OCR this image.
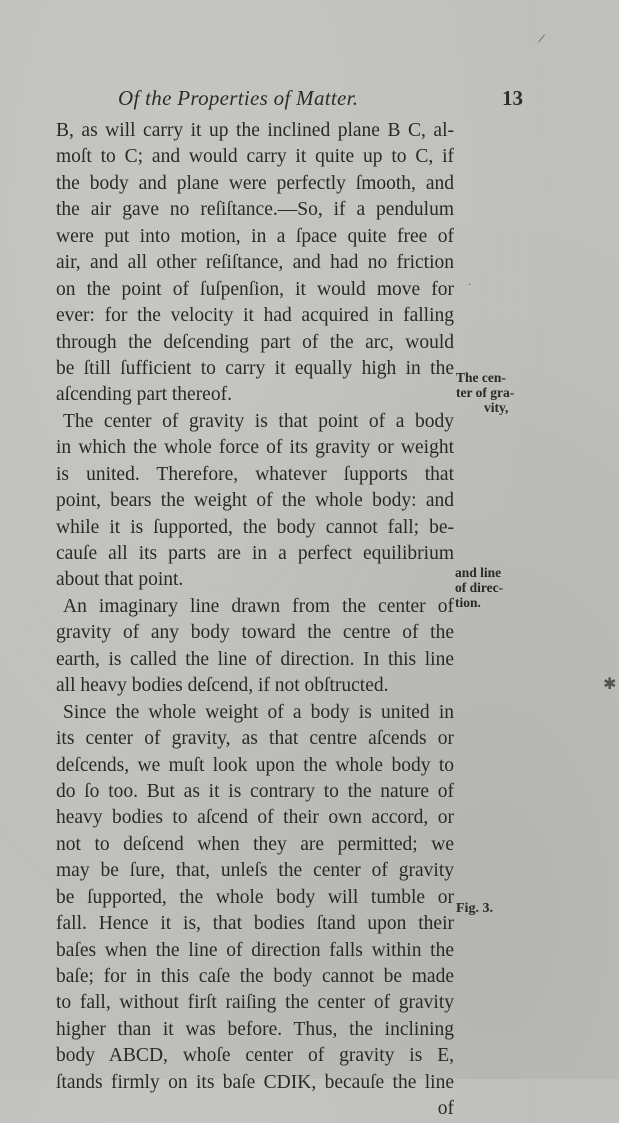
Of the Properties of Matter.	13
B, as will carry it up the inclined plane B C, al-
moſt to C; and would carry it quite up to C, if
the body and plane were perfectly ſmooth, and
the air gave no reſiſtance.—So, if a pendulum
were put into motion, in a ſpace quite free of
air, and all other reſiſtance, and had no friction
on the point of ſuſpenſion, it would move for
ever: for the velocity it had acquired in falling
through the deſcending part of the arc, would
be ſtill ſufficient to carry it equally high in the
aſcending part thereof.
The center of gravity is that point of a body
in which the whole force of its gravity or weight
is united. Therefore, whatever ſupports that
point, bears the weight of the whole body: and
while it is ſupported, the body cannot fall; be-
cauſe all its parts are in a perfect equilibrium
about that point.
An imaginary line drawn from the center of
gravity of any body toward the centre of the
earth, is called the line of direction. In this line
all heavy bodies deſcend, if not obſtructed.
Since the whole weight of a body is united in
its center of gravity, as that centre aſcends or
deſcends, we muſt look upon the whole body to
do ſo too. But as it is contrary to the nature of
heavy bodies to aſcend of their own accord, or
not to deſcend when they are permitted; we
may be ſure, that, unleſs the center of gravity
be ſupported, the whole body will tumble or
fall. Hence it is, that bodies ſtand upon their
baſes when the line of direction falls within the
baſe; for in this caſe the body cannot be made
to fall, without firſt raiſing the center of gravity
higher than it was before. Thus, the inclining
body ABCD, whoſe center of gravity is E,
ſtands firmly on its baſe CDIK, becauſe the line
of
The cen-
ter of gra-
vity,
and line
of direc-
tion.
Fig. 3.
/
✱
·
